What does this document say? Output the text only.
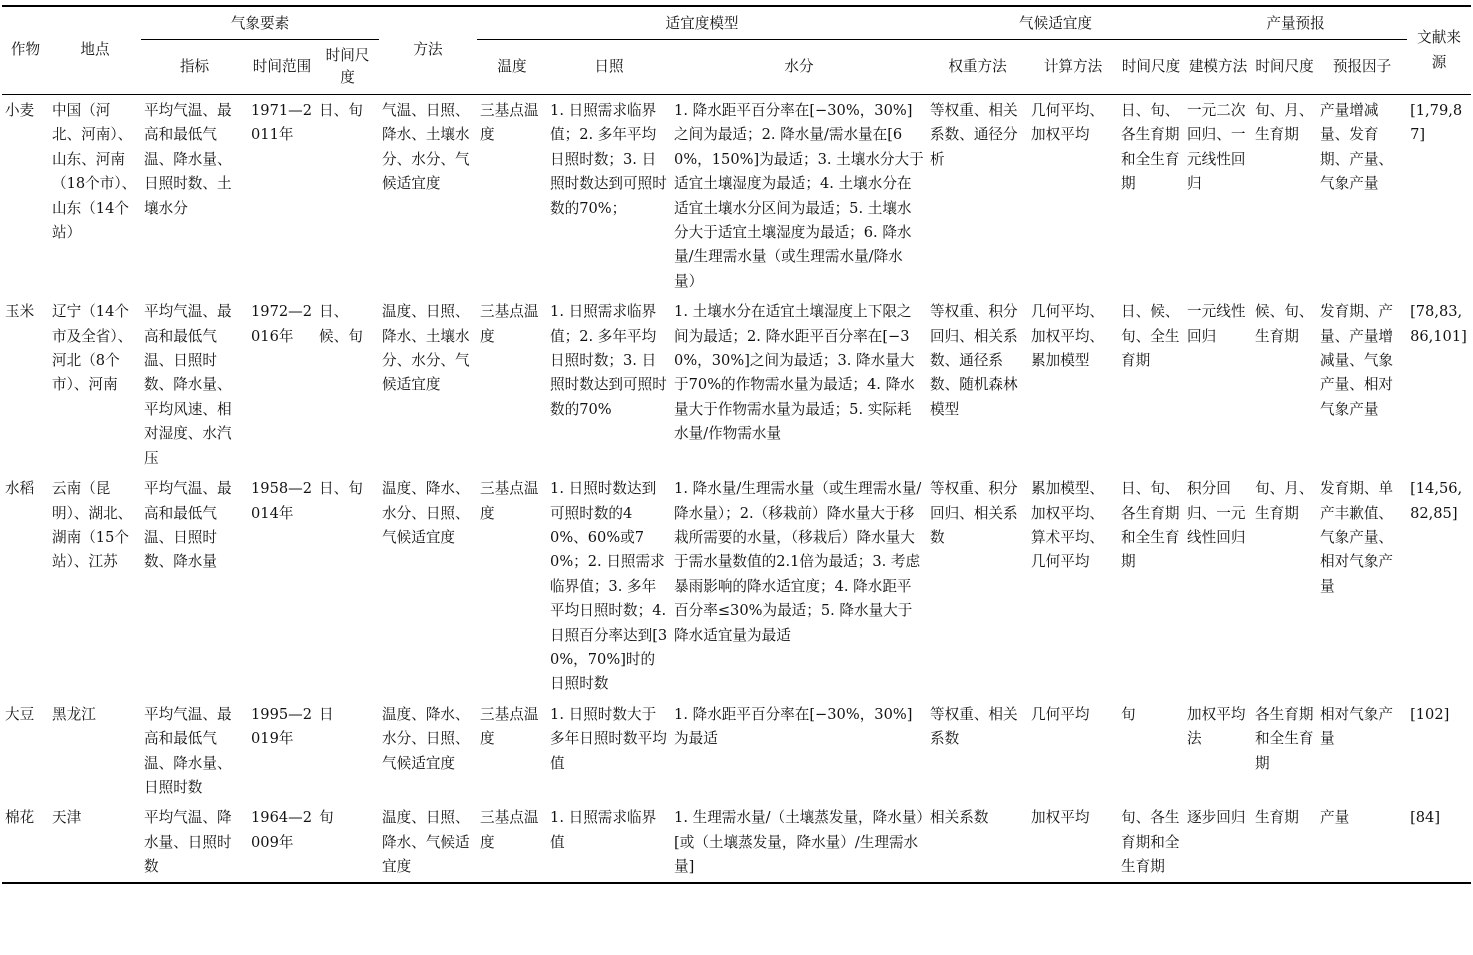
作物	地点	气象要素			方法	适宜度模型			气候适宜度			产量预报			文献来源
		指标	时间范围	时间尺度		温度	日照	水分	权重方法	计算方法	时间尺度	建模方法	时间尺度	预报因子	
小麦	中国（河北、河南）、山东、河南（18个市）、山东（14个站）	平均气温、最高和最低气温、降水量、日照时数、土壤水分	1971—2011年	日、旬	气温、日照、降水、土壤水分、水分、气候适宜度	三基点温度	1. 日照需求临界值；2. 多年平均日照时数；3. 日照时数达到可照时数的70%；	1. 降水距平百分率在[−30%，30%]之间为最适；2. 降水量/需水量在[60%，150%]为最适；3. 土壤水分大于适宜土壤湿度为最适；4. 土壤水分在适宜土壤水分区间为最适；5. 土壤水分大于适宜土壤湿度为最适；6. 降水量/生理需水量（或生理需水量/降水量）	等权重、相关系数、通径分析	几何平均、加权平均	日、旬、各生育期和全生育期	一元二次回归、一元线性回归	旬、月、生育期	产量增减量、发育期、产量、气象产量	[1,79,87]
玉米	辽宁（14个市及全省）、河北（8个市）、河南	平均气温、最高和最低气温、日照时数、降水量、平均风速、相对湿度、水汽压	1972—2016年	日、候、旬	温度、日照、降水、土壤水分、水分、气候适宜度	三基点温度	1. 日照需求临界值；2. 多年平均日照时数；3. 日照时数达到可照时数的70%	1. 土壤水分在适宜土壤湿度上下限之间为最适；2. 降水距平百分率在[−30%，30%]之间为最适；3. 降水量大于70%的作物需水量为最适；4. 降水量大于作物需水量为最适；5. 实际耗水量/作物需水量	等权重、积分回归、相关系数、通径系数、随机森林模型	几何平均、加权平均、累加模型	日、候、旬、全生育期	一元线性回归	候、旬、生育期	发育期、产量、产量增减量、气象产量、相对气象产量	[78,83,86,101]
水稻	云南（昆明）、湖北、湖南（15个站）、江苏	平均气温、最高和最低气温、日照时数、降水量	1958—2014年	日、旬	温度、降水、水分、日照、气候适宜度	三基点温度	1. 日照时数达到可照时数的40%、60%或70%；2. 日照需求临界值；3. 多年平均日照时数；4. 日照百分率达到[30%，70%]时的日照时数	1. 降水量/生理需水量（或生理需水量/降水量）；2.（移栽前）降水量大于移栽所需要的水量，（移栽后）降水量大于需水量数值的2.1倍为最适；3. 考虑暴雨影响的降水适宜度；4. 降水距平百分率≤30%为最适；5. 降水量大于降水适宜量为最适	等权重、积分回归、相关系数	累加模型、加权平均、算术平均、几何平均	日、旬、各生育期和全生育期	积分回归、一元线性回归	旬、月、生育期	发育期、单产丰歉值、气象产量、相对气象产量	[14,56,82,85]
大豆	黑龙江	平均气温、最高和最低气温、降水量、日照时数	1995—2019年	日	温度、降水、水分、日照、气候适宜度	三基点温度	1. 日照时数大于多年日照时数平均值	1. 降水距平百分率在[−30%，30%]为最适	等权重、相关系数	几何平均	旬	加权平均法	各生育期和全生育期	相对气象产量	[102]
棉花	天津	平均气温、降水量、日照时数	1964—2009年	旬	温度、日照、降水、气候适宜度	三基点温度	1. 日照需求临界值	1. 生理需水量/（土壤蒸发量，降水量）[或（土壤蒸发量，降水量）/生理需水量]	相关系数	加权平均	旬、各生育期和全生育期	逐步回归	生育期	产量	[84]
